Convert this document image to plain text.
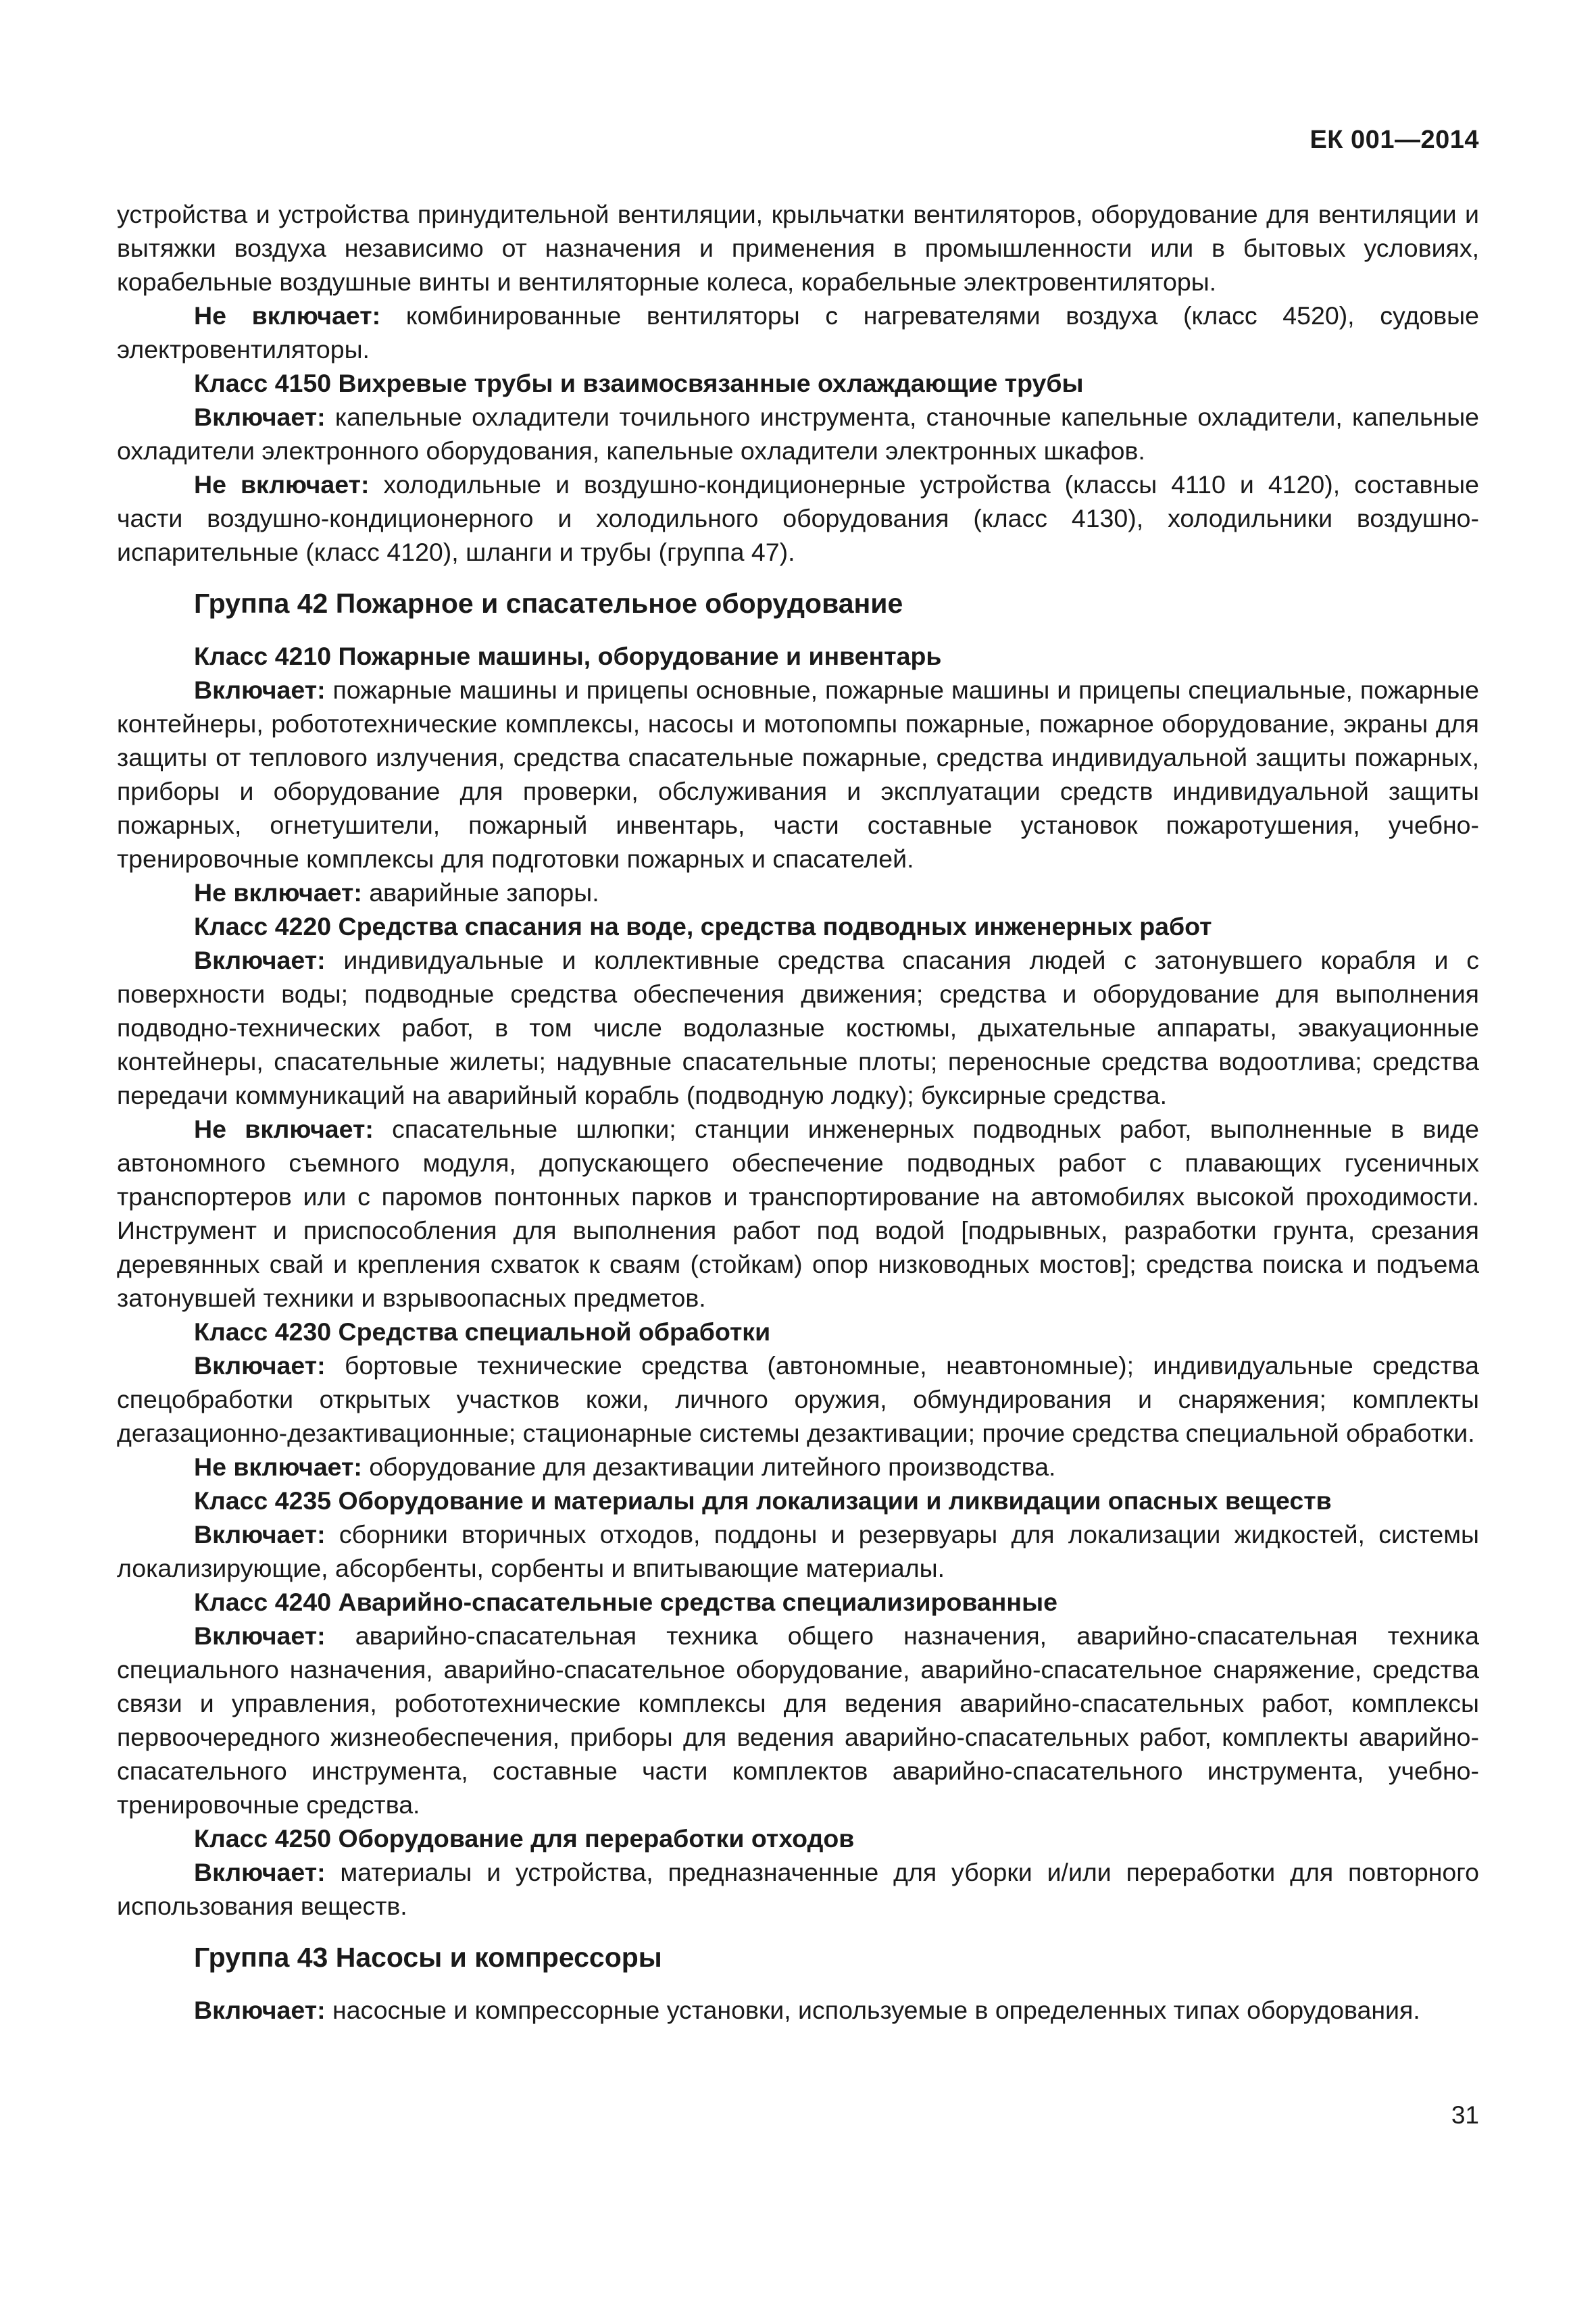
ЕК 001—2014

устройства и устройства принудительной вентиляции, крыльчатки вентиляторов, оборудование для вентиляции и вытяжки воздуха независимо от назначения и применения в промышленности или в бытовых условиях, корабельные воздушные винты и вентиляторные колеса, корабельные электровентиляторы.

Не включает: комбинированные вентиляторы с нагревателями воздуха (класс 4520), судовые электровентиляторы.

Класс 4150 Вихревые трубы и взаимосвязанные охлаждающие трубы

Включает: капельные охладители точильного инструмента, станочные капельные охладители, капельные охладители электронного оборудования, капельные охладители электронных шкафов.

Не включает: холодильные и воздушно-кондиционерные устройства (классы 4110 и 4120), составные части воздушно-кондиционерного и холодильного оборудования (класс 4130), холодильники воздушно-испарительные (класс 4120), шланги и трубы (группа 47).

Группа 42 Пожарное и спасательное оборудование

Класс 4210 Пожарные машины, оборудование и инвентарь

Включает: пожарные машины и прицепы основные, пожарные машины и прицепы специальные, пожарные контейнеры, робототехнические комплексы, насосы и мотопомпы пожарные, пожарное оборудование, экраны для защиты от теплового излучения, средства спасательные пожарные, средства индивидуальной защиты пожарных, приборы и оборудование для проверки, обслуживания и эксплуатации средств индивидуальной защиты пожарных, огнетушители, пожарный инвентарь, части составные установок пожаротушения, учебно-тренировочные комплексы для подготовки пожарных и спасателей.

Не включает: аварийные запоры.

Класс 4220 Средства спасания на воде, средства подводных инженерных работ

Включает: индивидуальные и коллективные средства спасания людей с затонувшего корабля и с поверхности воды; подводные средства обеспечения движения; средства и оборудование для выполнения подводно-технических работ, в том числе водолазные костюмы, дыхательные аппараты, эвакуационные контейнеры, спасательные жилеты; надувные спасательные плоты; переносные средства водоотлива; средства передачи коммуникаций на аварийный корабль (подводную лодку); буксирные средства.

Не включает: спасательные шлюпки; станции инженерных подводных работ, выполненные в виде автономного съемного модуля, допускающего обеспечение подводных работ с плавающих гусеничных транспортеров или с паромов понтонных парков и транспортирование на автомобилях высокой проходимости. Инструмент и приспособления для выполнения работ под водой [подрывных, разработки грунта, срезания деревянных свай и крепления схваток к сваям (стойкам) опор низководных мостов]; средства поиска и подъема затонувшей техники и взрывоопасных предметов.

Класс 4230 Средства специальной обработки

Включает: бортовые технические средства (автономные, неавтономные); индивидуальные средства спецобработки открытых участков кожи, личного оружия, обмундирования и снаряжения; комплекты дегазационно-дезактивационные; стационарные системы дезактивации; прочие средства специальной обработки.

Не включает: оборудование для дезактивации литейного производства.

Класс 4235 Оборудование и материалы для локализации и ликвидации опасных веществ

Включает: сборники вторичных отходов, поддоны и резервуары для локализации жидкостей, системы локализирующие, абсорбенты, сорбенты и впитывающие материалы.

Класс 4240 Аварийно-спасательные средства специализированные

Включает: аварийно-спасательная техника общего назначения, аварийно-спасательная техника специального назначения, аварийно-спасательное оборудование, аварийно-спасательное снаряжение, средства связи и управления, робототехнические комплексы для ведения аварийно-спасательных работ, комплексы первоочередного жизнеобеспечения, приборы для ведения аварийно-спасательных работ, комплекты аварийно-спасательного инструмента, составные части комплектов аварийно-спасательного инструмента, учебно-тренировочные средства.

Класс 4250 Оборудование для переработки отходов

Включает: материалы и устройства, предназначенные для уборки и/или переработки для повторного использования веществ.

Группа 43 Насосы и компрессоры

Включает: насосные и компрессорные установки, используемые в определенных типах оборудования.

31
